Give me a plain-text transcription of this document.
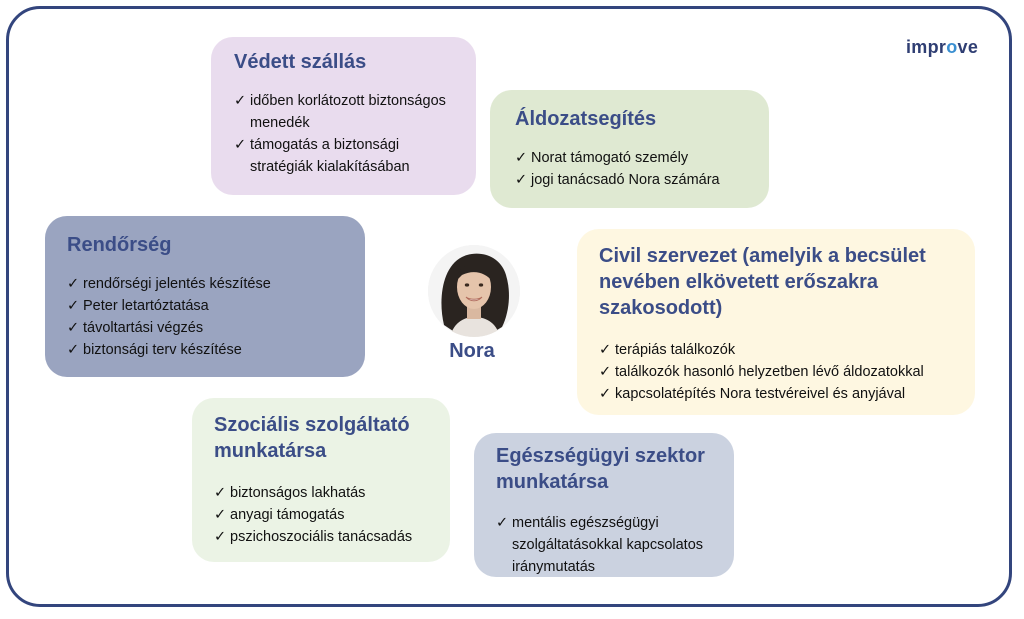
improve
Védett szállás
✓ időben korlátozott biztonságos menedék
✓ támogatás a biztonsági stratégiák kialakításában
Áldozatsegítés
✓ Norat támogató személy
✓ jogi tanácsadó Nora számára
Rendőrség
✓ rendőrségi jelentés készítése
✓ Peter letartóztatása
✓ távoltartási végzés
✓ biztonsági terv készítése
Civil szervezet (amelyik a becsület nevében elkövetett erőszakra szakosodott)
✓ terápiás találkozók
✓ találkozók hasonló helyzetben lévő áldozatokkal
✓ kapcsolatépítés Nora testvéreivel és anyjával
Szociális szolgáltató munkatársa
✓ biztonságos lakhatás
✓ anyagi támogatás
✓ pszichoszociális tanácsadás
Egészségügyi szektor munkatársa
✓ mentális egészségügyi szolgáltatásokkal kapcsolatos iránymutatás
Nora
